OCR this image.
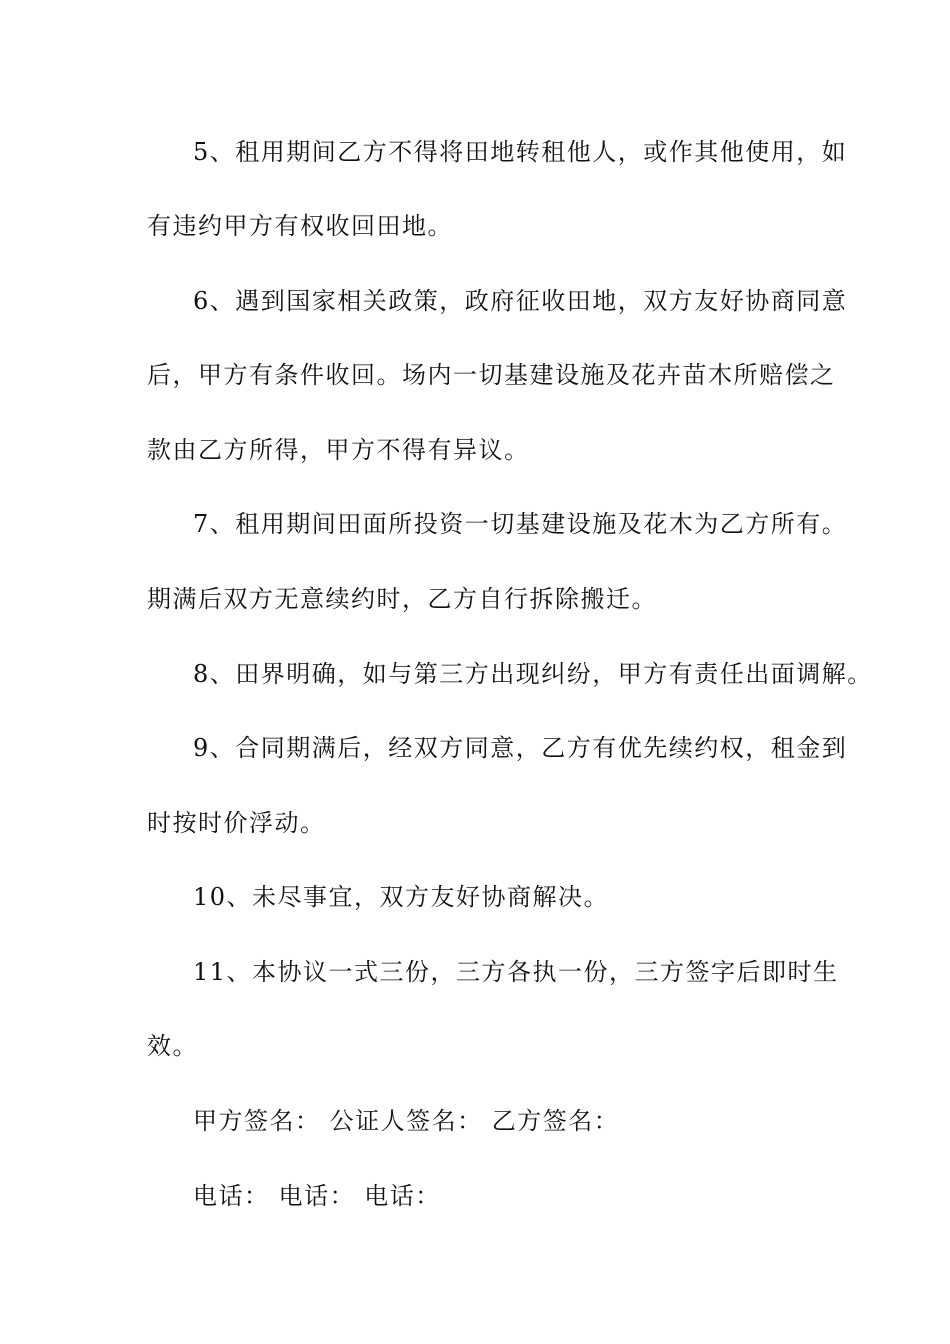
5、租用期间乙方不得将田地转租他人，或作其他使用，如
有违约甲方有权收回田地。
6、遇到国家相关政策，政府征收田地，双方友好协商同意
后，甲方有条件收回。场内一切基建设施及花卉苗木所赔偿之
款由乙方所得，甲方不得有异议。
7、租用期间田面所投资一切基建设施及花木为乙方所有。
期满后双方无意续约时，乙方自行拆除搬迁。
8、田界明确，如与第三方出现纠纷，甲方有责任出面调解。
9、合同期满后，经双方同意，乙方有优先续约权，租金到
时按时价浮动。
10、未尽事宜，双方友好协商解决。
11、本协议一式三份，三方各执一份，三方签字后即时生
效。
甲方签名： 公证人签名： 乙方签名：
电话： 电话： 电话：
